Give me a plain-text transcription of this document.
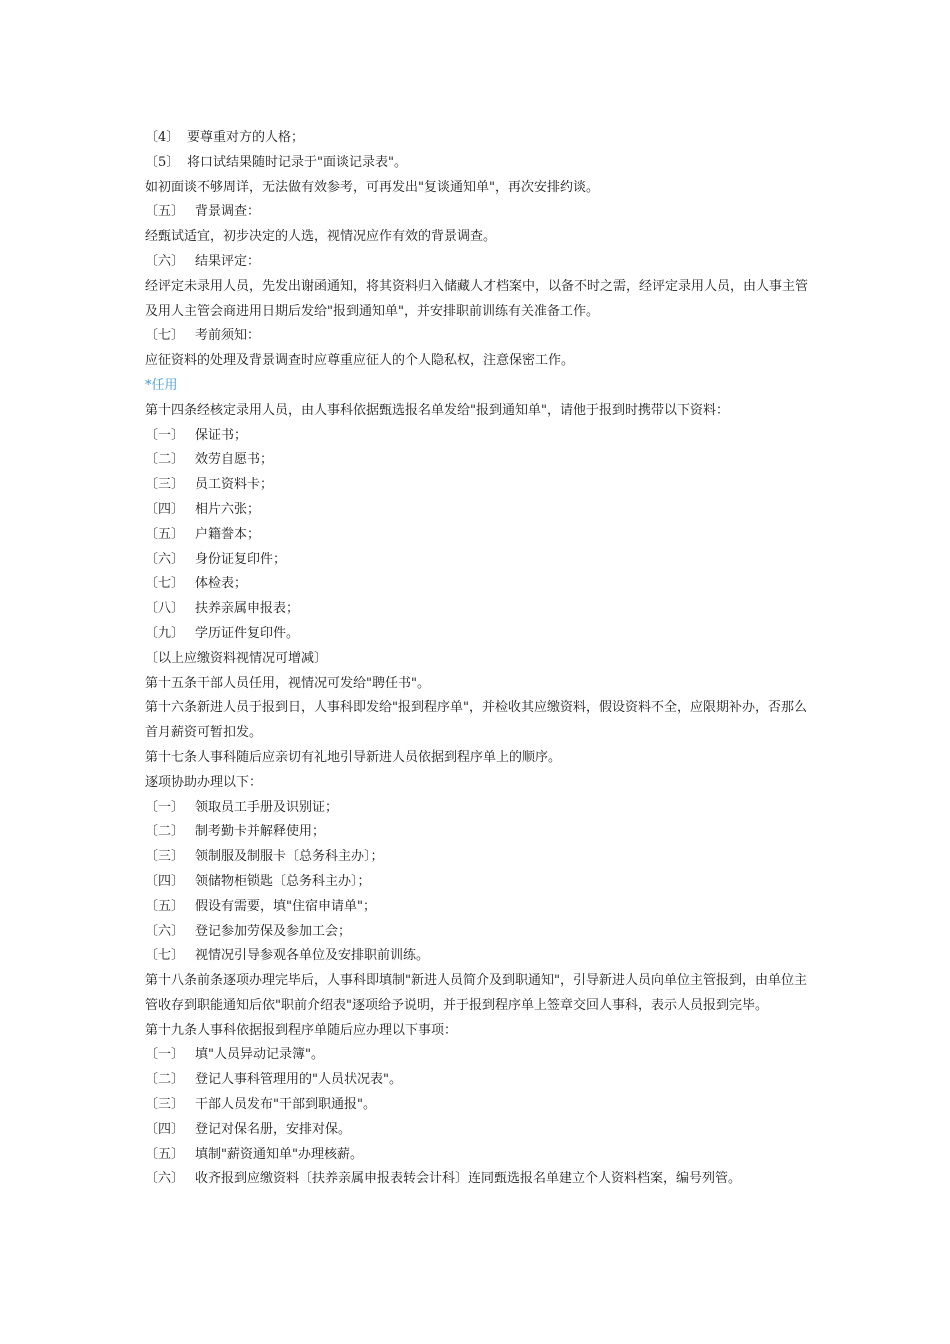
〔4〕 要尊重对方的人格；
〔5〕 将口试结果随时记录于"面谈记录表"。
如初面谈不够周详，无法做有效参考，可再发出"复谈通知单"，再次安排约谈。
〔五〕 背景调查：
经甄试适宜，初步决定的人选，视情况应作有效的背景调查。
〔六〕 结果评定：
经评定未录用人员，先发出谢函通知，将其资料归入储藏人才档案中，以备不时之需，经评定录用人员，由人事主管及用人主管会商进用日期后发给"报到通知单"，并安排职前训练有关准备工作。
〔七〕 考前须知：
应征资料的处理及背景调查时应尊重应征人的个人隐私权，注意保密工作。
*任用
第十四条经核定录用人员，由人事科依据甄选报名单发给"报到通知单"，请他于报到时携带以下资料：
〔一〕 保证书；
〔二〕 效劳自愿书；
〔三〕 员工资料卡；
〔四〕 相片六张；
〔五〕 户籍誊本；
〔六〕 身份证复印件；
〔七〕 体检表；
〔八〕 扶养亲属申报表；
〔九〕 学历证件复印件。
〔以上应缴资料视情况可增减〕
第十五条干部人员任用，视情况可发给"聘任书"。
第十六条新进人员于报到日，人事科即发给"报到程序单"，并检收其应缴资料，假设资料不全，应限期补办，否那么首月薪资可暂扣发。
第十七条人事科随后应亲切有礼地引导新进人员依据到程序单上的顺序。
逐项协助办理以下：
〔一〕 领取员工手册及识别证；
〔二〕 制考勤卡并解释使用；
〔三〕 领制服及制服卡〔总务科主办〕；
〔四〕 领储物柜锁匙〔总务科主办〕；
〔五〕 假设有需要，填"住宿申请单"；
〔六〕 登记参加劳保及参加工会；
〔七〕 视情况引导参观各单位及安排职前训练。
第十八条前条逐项办理完毕后，人事科即填制"新进人员简介及到职通知"，引导新进人员向单位主管报到，由单位主管收存到职能通知后依"职前介绍表"逐项给予说明，并于报到程序单上签章交回人事科，表示人员报到完毕。
第十九条人事科依据报到程序单随后应办理以下事项：
〔一〕 填"人员异动记录簿"。
〔二〕 登记人事科管理用的"人员状况表"。
〔三〕 干部人员发布"干部到职通报"。
〔四〕 登记对保名册，安排对保。
〔五〕 填制"薪资通知单"办理核薪。
〔六〕 收齐报到应缴资料〔扶养亲属申报表转会计科〕连同甄选报名单建立个人资料档案，编号列管。
